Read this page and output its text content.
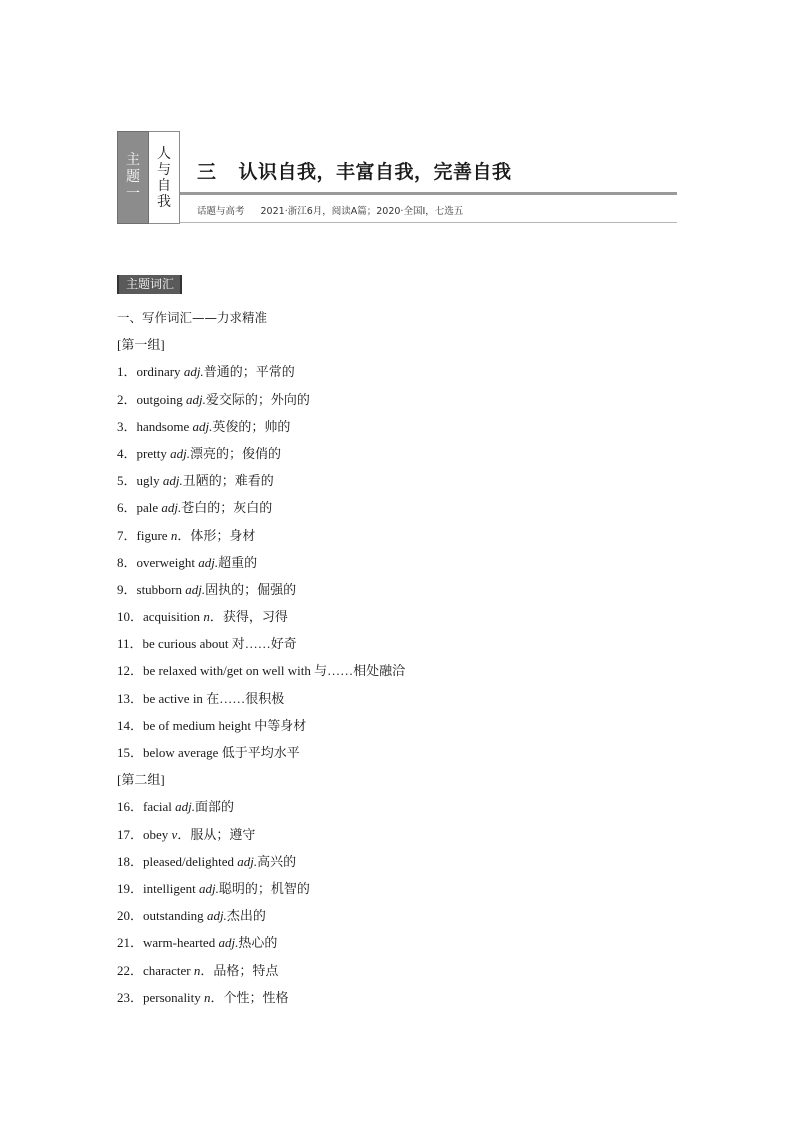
主
题
一
人
与
自
我
三 认识自我，丰富自我，完善自我
话题与高考 2021·浙江6月，阅读A篇；2020·全国Ⅰ，七选五
主题词汇
一、写作词汇——力求精准
[第一组]
1．ordinary adj.普通的；平常的
2．outgoing adj.爱交际的；外向的
3．handsome adj.英俊的；帅的
4．pretty adj.漂亮的；俊俏的
5．ugly adj.丑陋的；难看的
6．pale adj.苍白的；灰白的
7．figure n．体形；身材
8．overweight adj.超重的
9．stubborn adj.固执的；倔强的
10．acquisition n．获得，习得
11．be curious about 对……好奇
12．be relaxed with/get on well with 与……相处融洽
13．be active in 在……很积极
14．be of medium height 中等身材
15．below average 低于平均水平
[第二组]
16．facial adj.面部的
17．obey v．服从；遵守
18．pleased/delighted adj.高兴的
19．intelligent adj.聪明的；机智的
20．outstanding adj.杰出的
21．warm-hearted adj.热心的
22．character n．品格；特点
23．personality n．个性；性格
